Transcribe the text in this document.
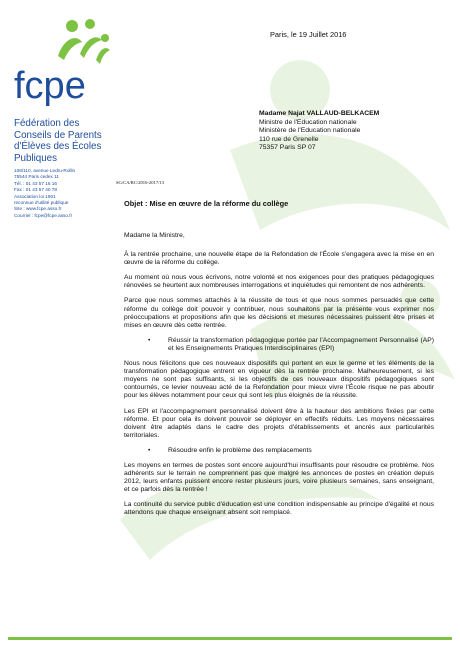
fcpe
Fédération des
Conseils de Parents
d'Élèves des Écoles
Publiques
108/110, avenue Ledru-Rollin
75544 Paris cedex 11
Tél. : 01 43 57 16 16
Fax : 01 43 57 40 78
Association loi 1901
reconnue d'utilité publique
Site : www.fcpe.asso.fr
Courriel : fcpe@fcpe.asso.fr
Paris, le 19 Juillet 2016
Madame Najat VALLAUD-BELKACEM
Ministre de l'Education nationale
Ministère de l'Education nationale
110 rue de Grenelle
75357 Paris SP 07
SG/CA/RC/2016-2017/13
Objet : Mise en œuvre de la réforme du collège

Madame la Ministre,

À la rentrée prochaine, une nouvelle étape de la Refondation de l'École s'engagera avec la mise en en œuvre de la réforme du collège.

Au moment où nous vous écrivons, notre volonté et nos exigences pour des pratiques pédagogiques rénovées se heurtent aux nombreuses interrogations et inquiétudes qui remontent de nos adhérents.

Parce que nous sommes attachés à la réussite de tous et que nous sommes persuadés que cette réforme du collège doit pouvoir y contribuer, nous souhaitons par la présente vous exprimer nos préoccupations et propositions afin que les décisions et mesures nécessaires puissent être prises et mises en œuvre dès cette rentrée.

•	Réussir la transformation pédagogique portée par l'Accompagnement Personnalisé (AP) et les Enseignements Pratiques Interdisciplinaires (EPI)

Nous nous félicitons que ces nouveaux dispositifs qui portent en eux le germe et les éléments de la transformation pédagogique entrent en vigueur dès la rentrée prochaine. Malheureusement, si les moyens ne sont pas suffisants, si les objectifs de ces nouveaux dispositifs pédagogiques sont contournés, ce levier nouveau acté de la Refondation pour mieux vivre l'École risque ne pas aboutir pour les élèves notamment pour ceux qui sont les plus éloignés de la réussite.

Les EPI et l'accompagnement personnalisé doivent être à la hauteur des ambitions fixées par cette réforme. Et pour cela ils doivent pouvoir se déployer en effectifs réduits. Les moyens nécessaires doivent être adaptés dans le cadre des projets d'établissements et ancrés aux particularités territoriales.

•	Résoudre enfin le problème des remplacements

Les moyens en termes de postes sont encore aujourd'hui insuffisants pour résoudre ce problème. Nos adhérents sur le terrain ne comprennent pas que malgré les annonces de postes en création depuis 2012, leurs enfants puissent encore rester plusieurs jours, voire plusieurs semaines, sans enseignant, et ce parfois dès la rentrée !

La continuité du service public d'éducation est une condition indispensable au principe d'égalité et nous attendons que chaque enseignant absent soit remplacé.
